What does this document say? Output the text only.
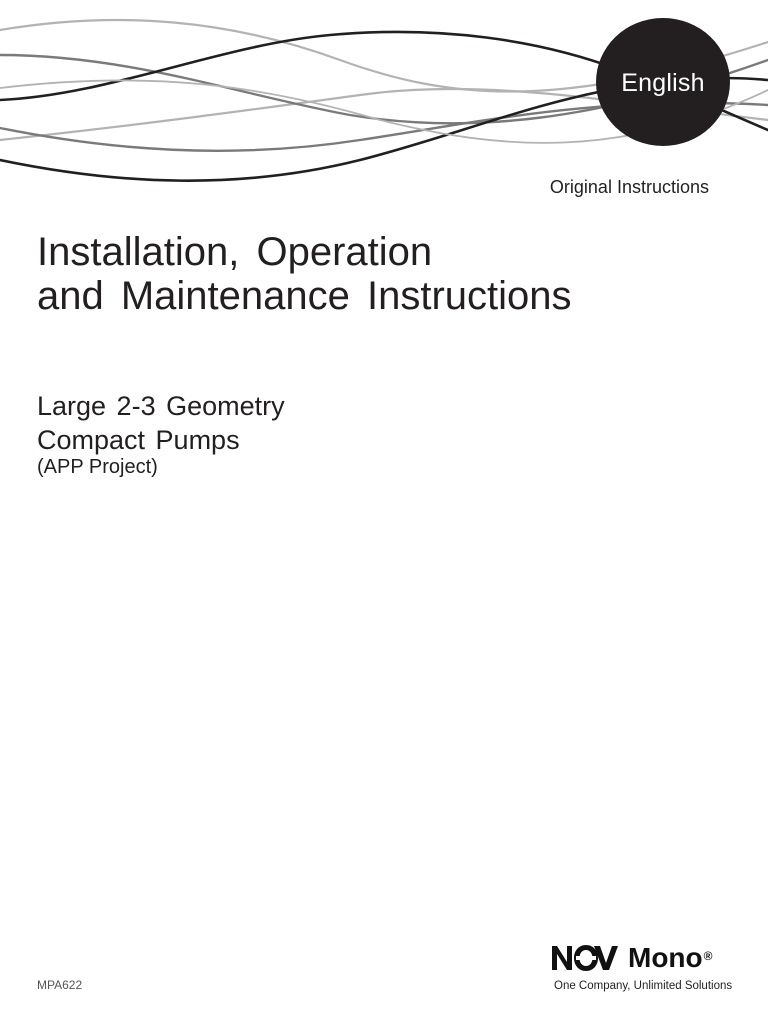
English
Original Instructions
Installation, Operation
and Maintenance Instructions
Large 2-3 Geometry
Compact Pumps
(APP Project)
MPA622
Mono®
One Company, Unlimited Solutions
